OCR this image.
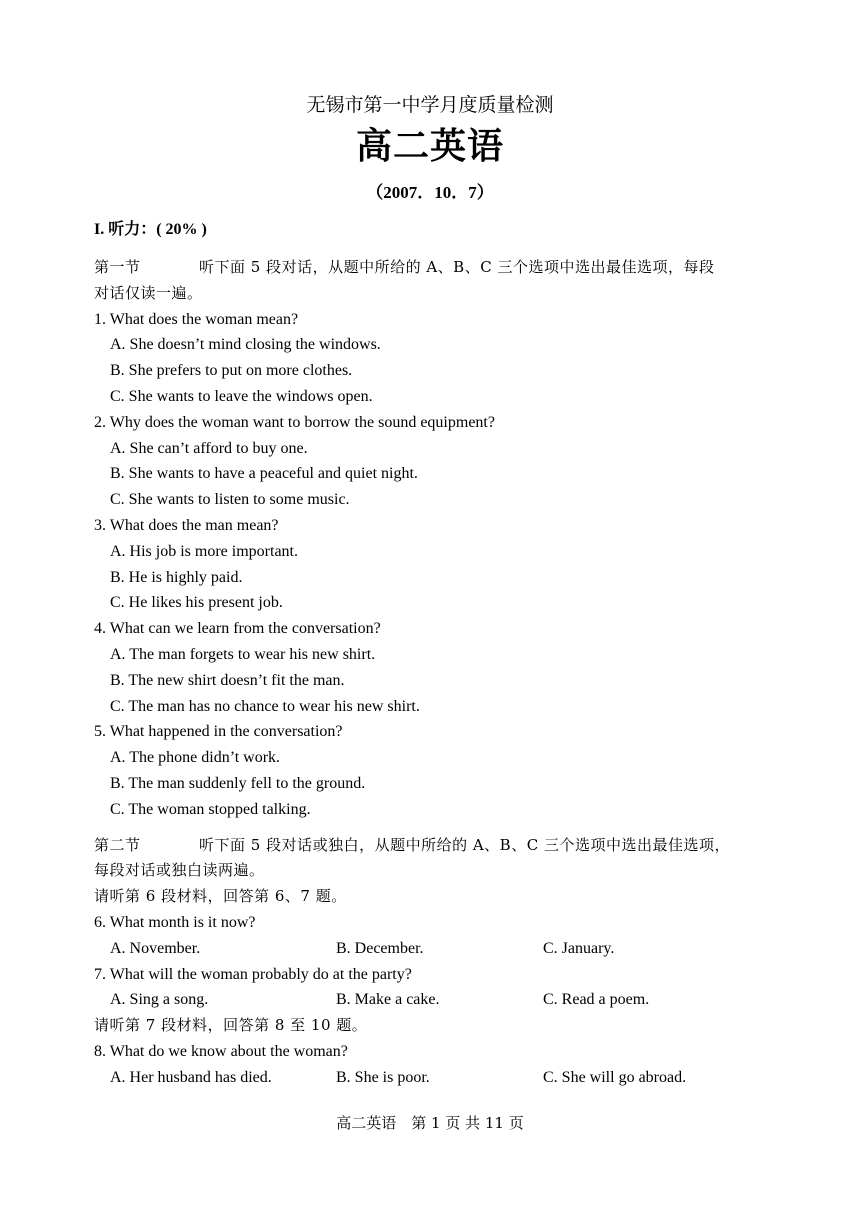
无锡市第一中学月度质量检测
高二英语
（2007．10．7）
I. 听力：( 20% )
第一节	听下面 5 段对话，从题中所给的 A、B、C 三个选项中选出最佳选项，每段
对话仅读一遍。
1. What does the woman mean?
A. She doesn’t mind closing the windows.
B. She prefers to put on more clothes.
C. She wants to leave the windows open.
2. Why does the woman want to borrow the sound equipment?
A. She can’t afford to buy one.
B. She wants to have a peaceful and quiet night.
C. She wants to listen to some music.
3. What does the man mean?
A. His job is more important.
B. He is highly paid.
C. He likes his present job.
4. What can we learn from the conversation?
A. The man forgets to wear his new shirt.
B. The new shirt doesn’t fit the man.
C. The man has no chance to wear his new shirt.
5. What happened in the conversation?
A. The phone didn’t work.
B. The man suddenly fell to the ground.
C. The woman stopped talking.
第二节	听下面 5 段对话或独白，从题中所给的 A、B、C 三个选项中选出最佳选项，
每段对话或独白读两遍。
请听第 6 段材料，回答第 6、7 题。
6. What month is it now?
A. November.	B. December.	C. January.
7. What will the woman probably do at the party?
A. Sing a song.	B. Make a cake.	C. Read a poem.
请听第 7 段材料，回答第 8 至 10 题。
8. What do we know about the woman?
A. Her husband has died.	B. She is poor.	C. She will go abroad.
高二英语　第 1 页 共 11 页
